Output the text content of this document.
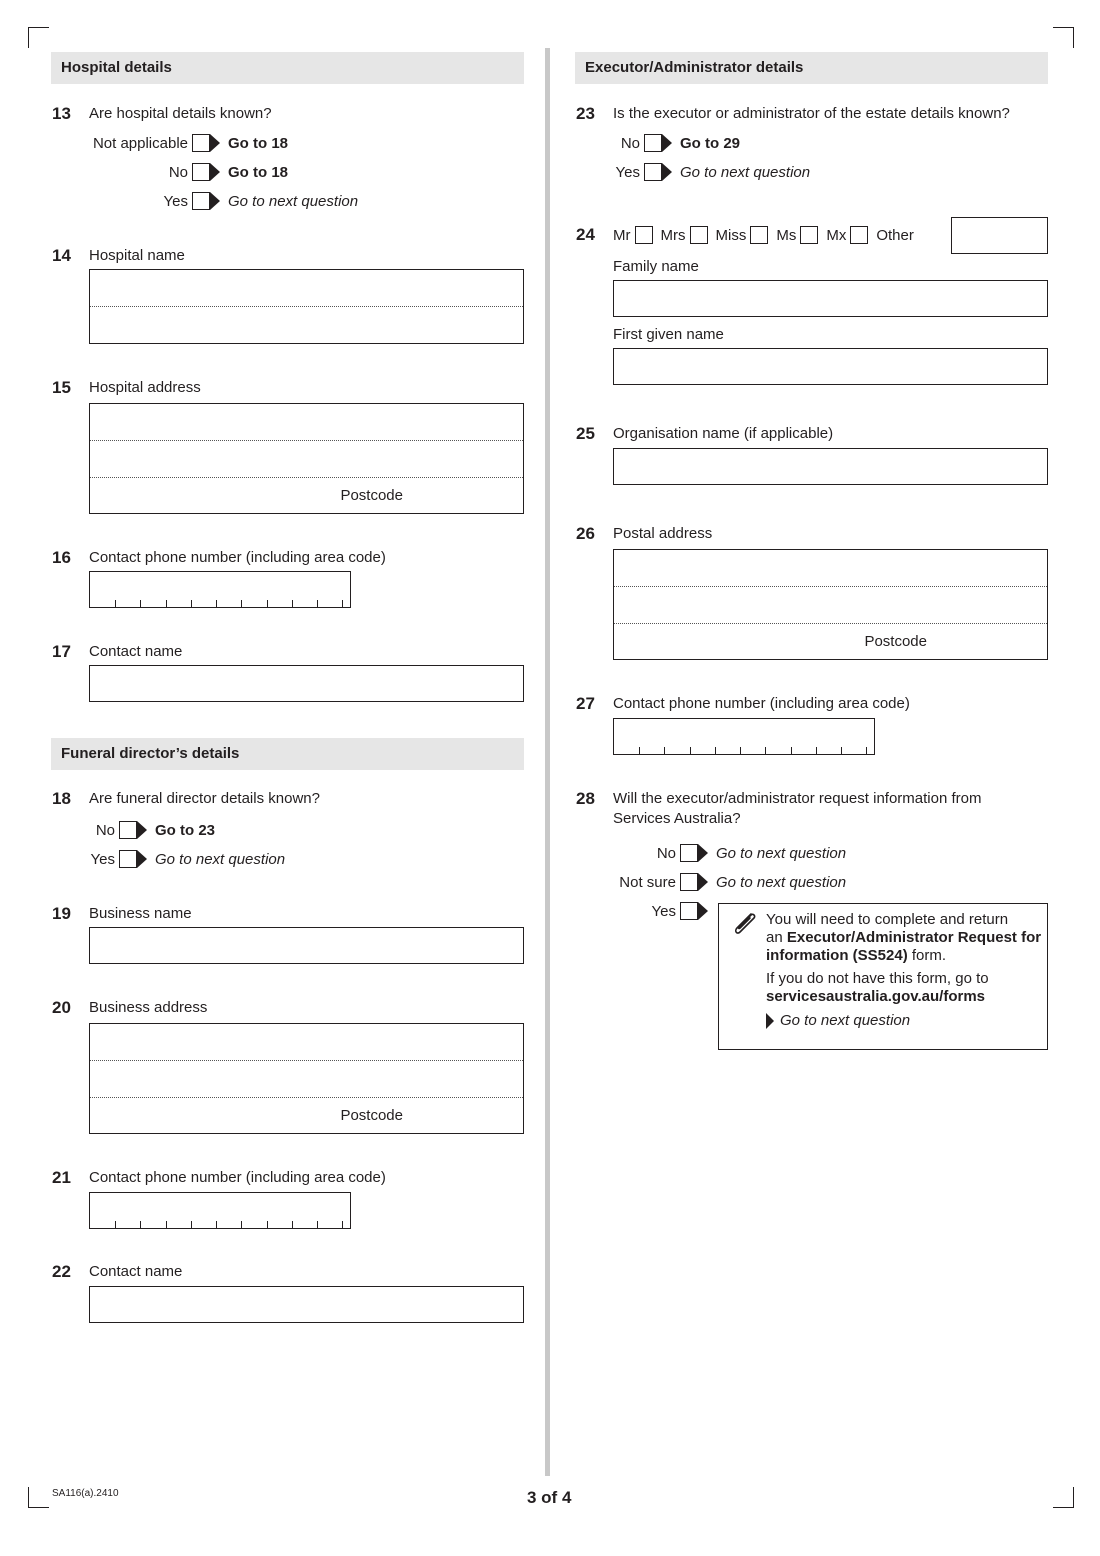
Hospital details
13 Are hospital details known?
Not applicable	Go to 18
No	Go to 18
Yes	Go to next question
14 Hospital name
15 Hospital address
Postcode
16 Contact phone number (including area code)
17 Contact name
Funeral director’s details
18 Are funeral director details known?
No	Go to 23
Yes	Go to next question
19 Business name
20 Business address
Postcode
21 Contact phone number (including area code)
22 Contact name
Executor/Administrator details
23 Is the executor or administrator of the estate details known?
No	Go to 29
Yes	Go to next question
24 Mr Mrs Miss Ms Mx Other
Family name
First given name
25 Organisation name (if applicable)
26 Postal address
Postcode
27 Contact phone number (including area code)
28 Will the executor/administrator request information from
Services Australia?
No	Go to next question
Not sure	Go to next question
Yes	You will need to complete and return
an Executor/Administrator Request for
information (SS524) form.
If you do not have this form, go to
servicesaustralia.gov.au/forms
Go to next question
SA116(a).2410	3 of 4
